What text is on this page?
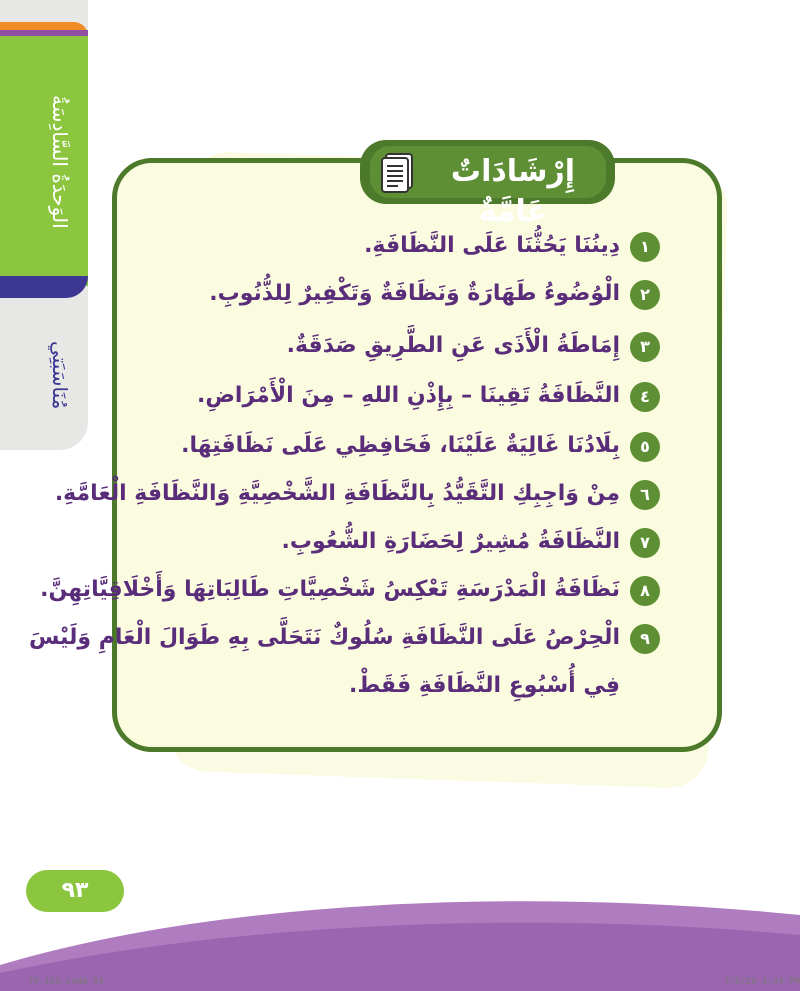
الوَحدَةُ السَّادِسَةُ
مُنَاسَبَتِي
إِرْشَادَاتٌ عَامَّةٌ
١
دِينُنَا يَحُثُّنَا عَلَى النَّظَافَةِ.
٢
الْوُضُوءُ طَهَارَةٌ وَنَظَافَةٌ وَتَكْفِيرٌ لِلذُّنُوبِ.
٣
إِمَاطَةُ الْأَذَى عَنِ الطَّرِيقِ صَدَقَةٌ.
٤
النَّظَافَةُ تَقِينَا – بِإِذْنِ اللهِ – مِنَ الْأَمْرَاضِ.
٥
بِلَادُنَا غَالِيَةٌ عَلَيْنَا، فَحَافِظِي عَلَى نَظَافَتِهَا.
٦
مِنْ وَاجِبِكِ التَّقَيُّدُ بِالنَّظَافَةِ الشَّخْصِيَّةِ وَالنَّظَافَةِ الْعَامَّةِ.
٧
النَّظَافَةُ مُشِيرٌ لِحَضَارَةِ الشُّعُوبِ.
٨
نَظَافَةُ الْمَدْرَسَةِ تَعْكِسُ شَخْصِيَّاتِ طَالِبَاتِهَا وَأَخْلَاقِيَّاتِهِنَّ.
٩
الْحِرْصُ عَلَى النَّظَافَةِ سُلُوكٌ نَتَحَلَّى بِهِ طَوَالَ الْعَامِ وَلَيْسَ
فِي أُسْبُوعِ النَّظَافَةِ فَقَطْ.
٩٣
79-105.indd 93	7/5/20 4:39 PM
